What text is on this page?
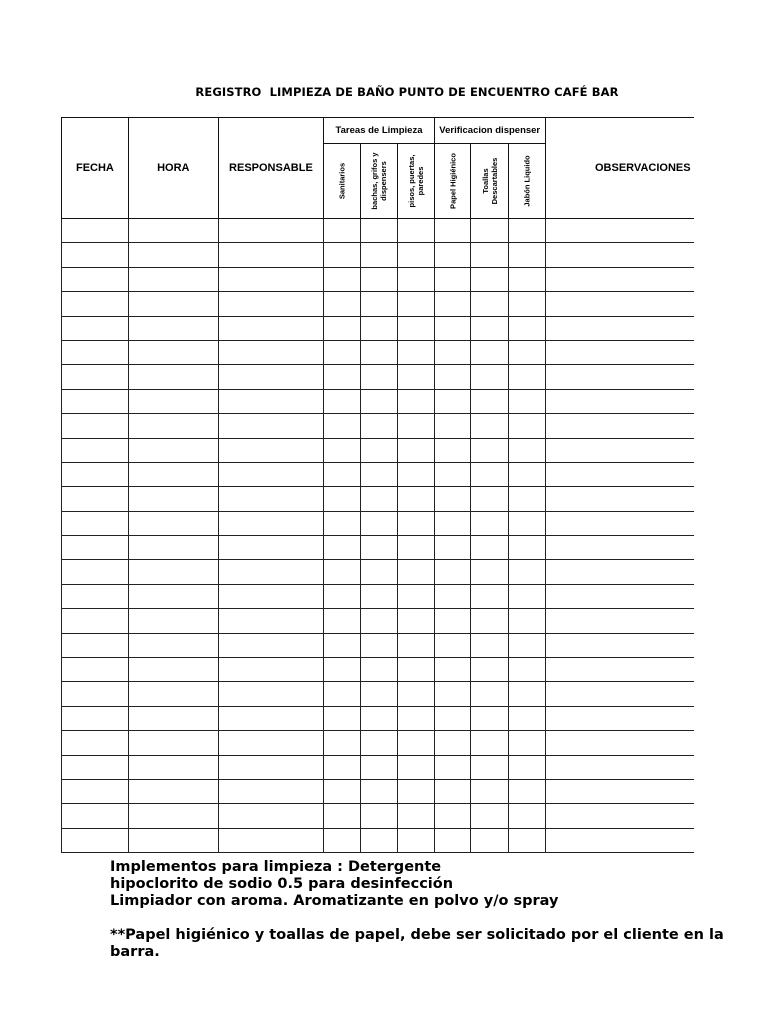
REGISTRO  LIMPIEZA DE BAÑO PUNTO DE ENCUENTRO CAFÉ BAR
FECHA	HORA	RESPONSABLE	Tareas de Limpieza			Verificacion dispenser			OBSERVACIONES

			Sanitarios	bachas, grifos y dispensers	pisos, puertas, paredes	Papel Higiénico	Toallas Descartables	Jabón Liquido	

Implementos para limpieza : Detergente

hipoclorito de sodio 0.5 para desinfección

Limpiador con aroma. Aromatizante en polvo y/o spray

**Papel higiénico y toallas de papel, debe ser solicitado por el cliente en la barra.
